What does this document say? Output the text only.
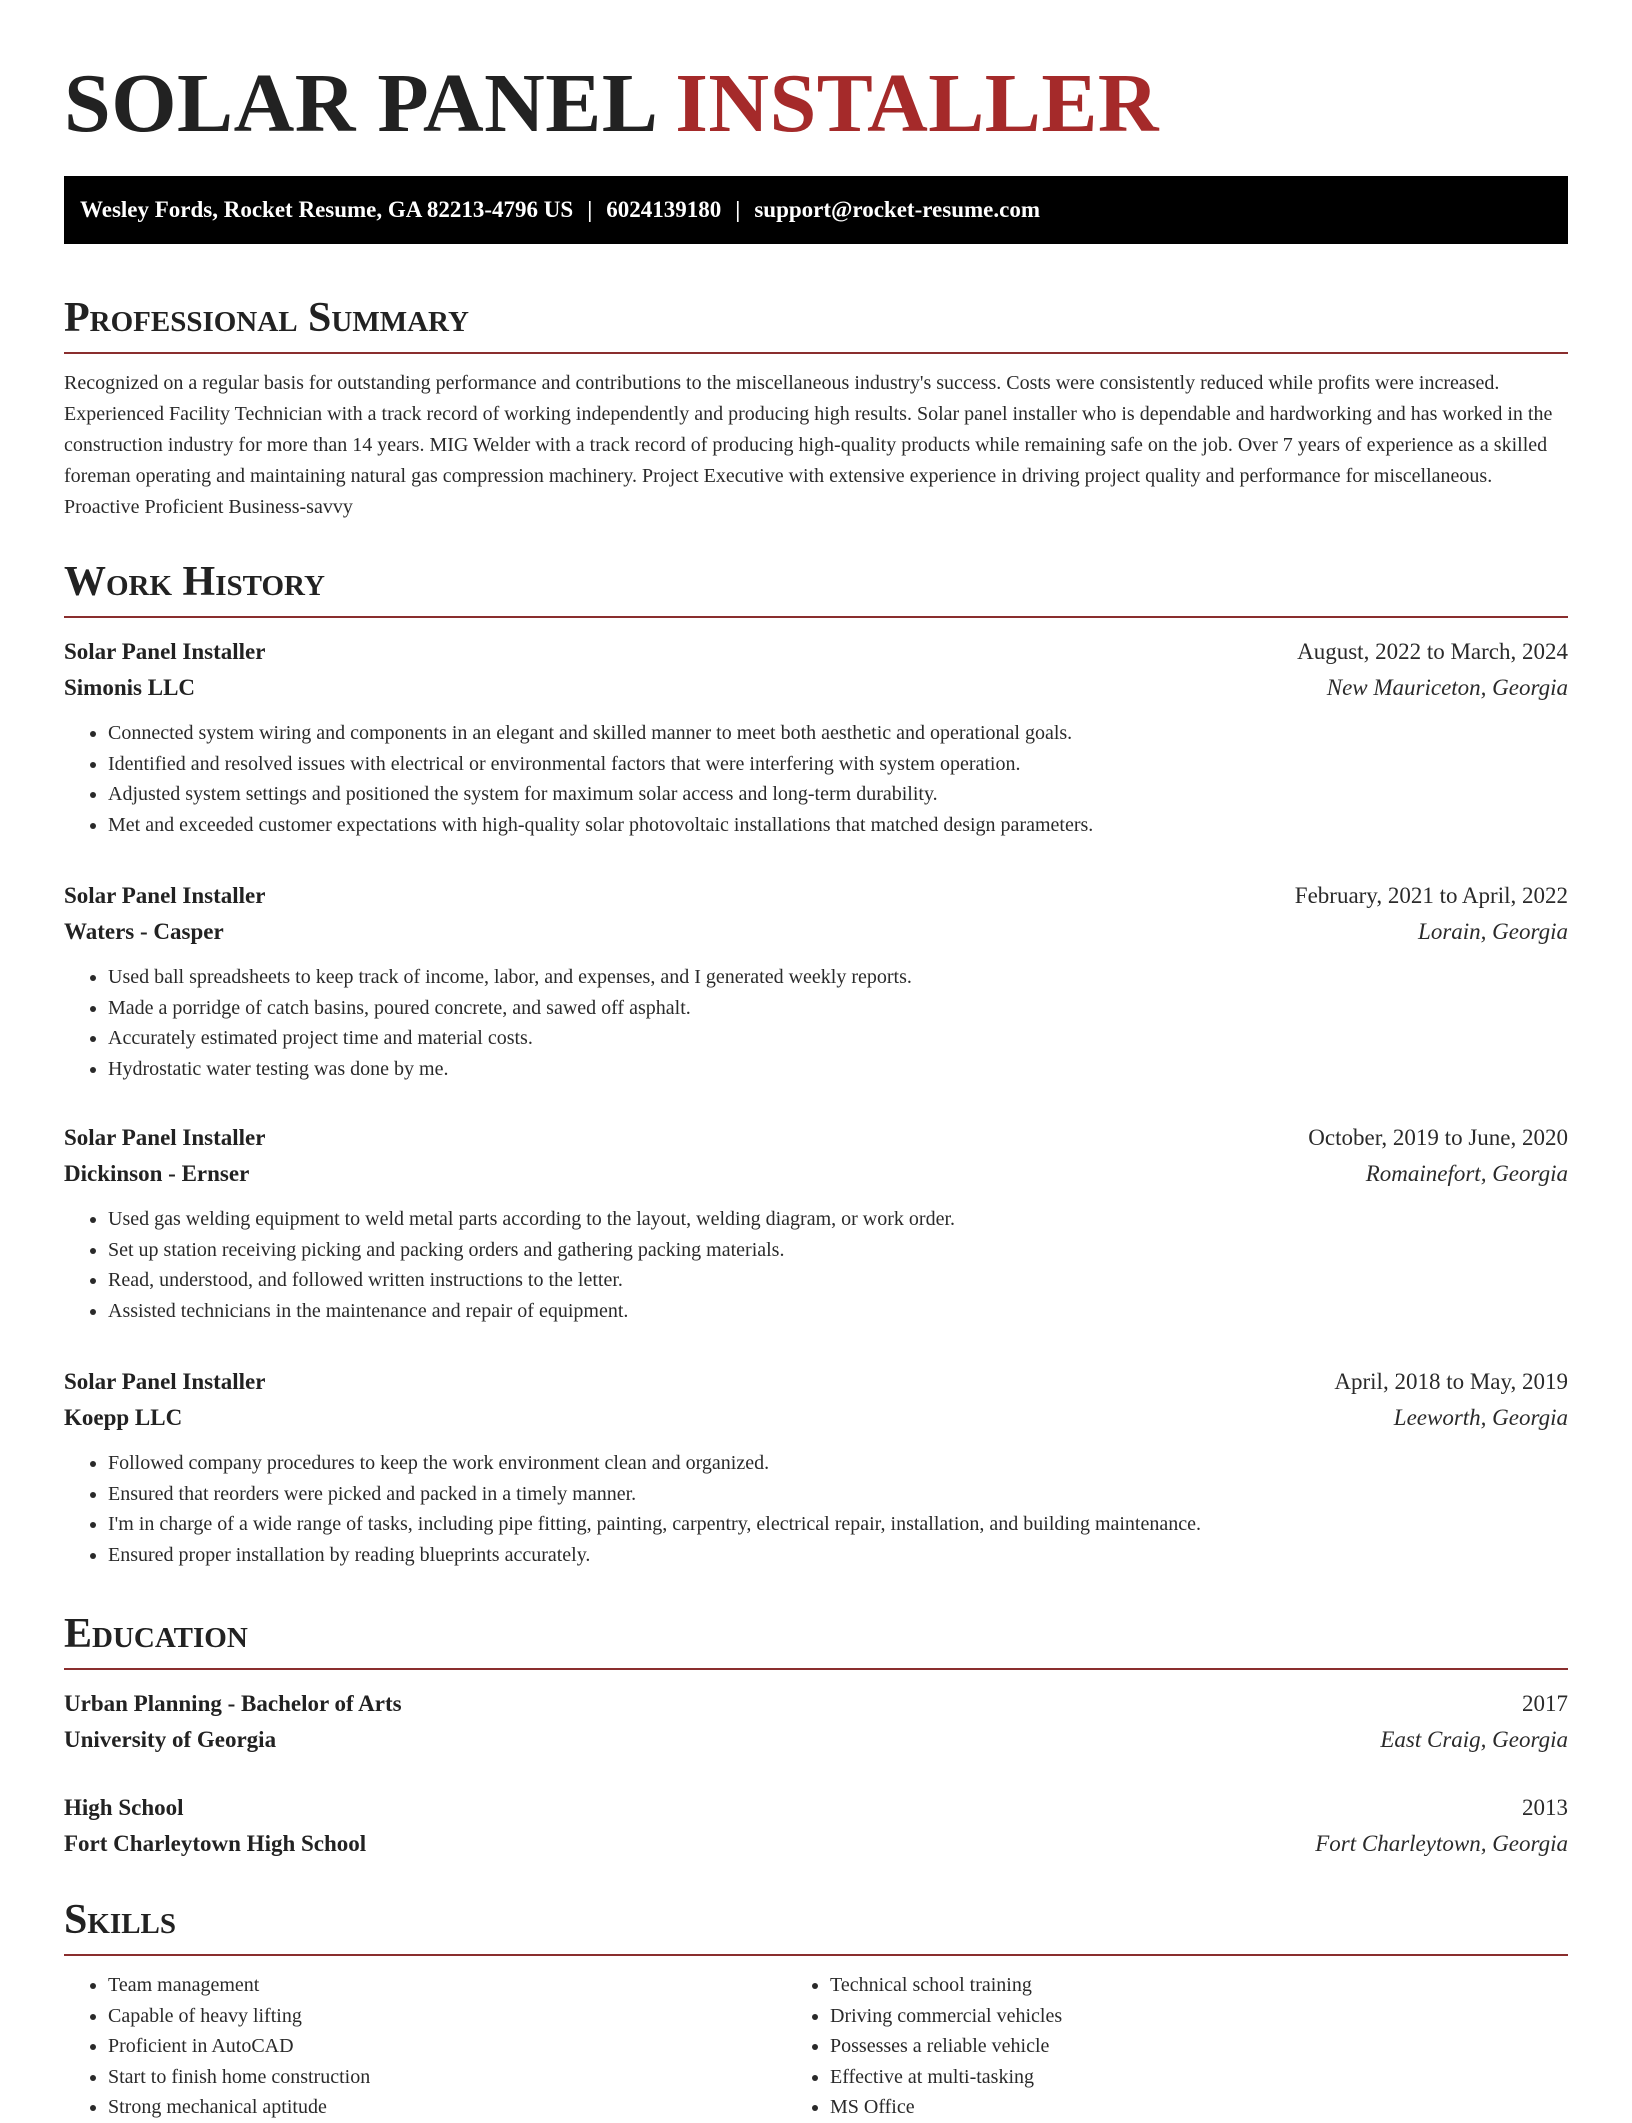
SOLAR PANEL INSTALLER
Wesley Fords, Rocket Resume, GA 82213-4796 US | 6024139180 | support@rocket-resume.com
Professional Summary

Recognized on a regular basis for outstanding performance and contributions to the miscellaneous industry's success. Costs were consistently reduced while profits were increased. Experienced Facility Technician with a track record of working independently and producing high results. Solar panel installer who is dependable and hardworking and has worked in the construction industry for more than 14 years. MIG Welder with a track record of producing high-quality products while remaining safe on the job. Over 7 years of experience as a skilled foreman operating and maintaining natural gas compression machinery. Project Executive with extensive experience in driving project quality and performance for miscellaneous. Proactive Proficient Business-savvy

Work History
Solar Panel Installer	August, 2022 to March, 2024
Simonis LLC	New Mauriceton, Georgia
• Connected system wiring and components in an elegant and skilled manner to meet both aesthetic and operational goals.
• Identified and resolved issues with electrical or environmental factors that were interfering with system operation.
• Adjusted system settings and positioned the system for maximum solar access and long-term durability.
• Met and exceeded customer expectations with high-quality solar photovoltaic installations that matched design parameters.
Solar Panel Installer	February, 2021 to April, 2022
Waters - Casper	Lorain, Georgia
• Used ball spreadsheets to keep track of income, labor, and expenses, and I generated weekly reports.
• Made a porridge of catch basins, poured concrete, and sawed off asphalt.
• Accurately estimated project time and material costs.
• Hydrostatic water testing was done by me.
Solar Panel Installer	October, 2019 to June, 2020
Dickinson - Ernser	Romainefort, Georgia
• Used gas welding equipment to weld metal parts according to the layout, welding diagram, or work order.
• Set up station receiving picking and packing orders and gathering packing materials.
• Read, understood, and followed written instructions to the letter.
• Assisted technicians in the maintenance and repair of equipment.
Solar Panel Installer	April, 2018 to May, 2019
Koepp LLC	Leeworth, Georgia
• Followed company procedures to keep the work environment clean and organized.
• Ensured that reorders were picked and packed in a timely manner.
• I'm in charge of a wide range of tasks, including pipe fitting, painting, carpentry, electrical repair, installation, and building maintenance.
• Ensured proper installation by reading blueprints accurately.
Education
Urban Planning - Bachelor of Arts	2017
University of Georgia	East Craig, Georgia
High School	2013
Fort Charleytown High School	Fort Charleytown, Georgia
Skills
• Team management
• Capable of heavy lifting
• Proficient in AutoCAD
• Start to finish home construction
• Strong mechanical aptitude
• Technical school training
• Driving commercial vehicles
• Possesses a reliable vehicle
• Effective at multi-tasking
• MS Office
